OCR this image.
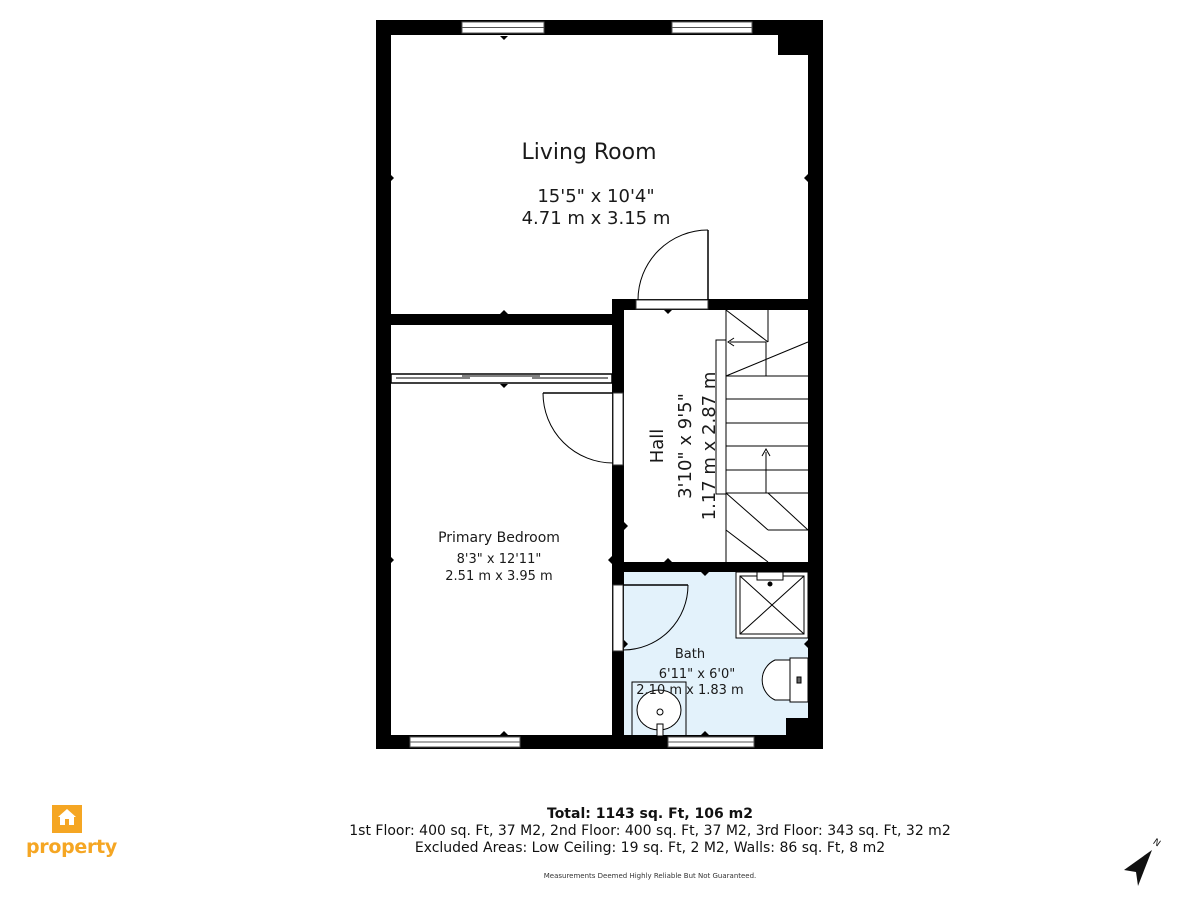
Living Room
15'5" x 10'4"
4.71 m x 3.15 m
Hall 3'10" x 9'5" 1.17 m x 2.87 m
Primary Bedroom
8'3" x 12'11"
2.51 m x 3.95 m
Bath
6'11" x 6'0"
2.10 m x 1.83 m
property
Total: 1143 sq. Ft, 106 m2
1st Floor: 400 sq. Ft, 37 M2, 2nd Floor: 400 sq. Ft, 37 M2, 3rd Floor: 343 sq. Ft, 32 m2
Excluded Areas: Low Ceiling: 19 sq. Ft, 2 M2, Walls: 86 sq. Ft, 8 m2
Measurements Deemed Highly Reliable But Not Guaranteed.
N
